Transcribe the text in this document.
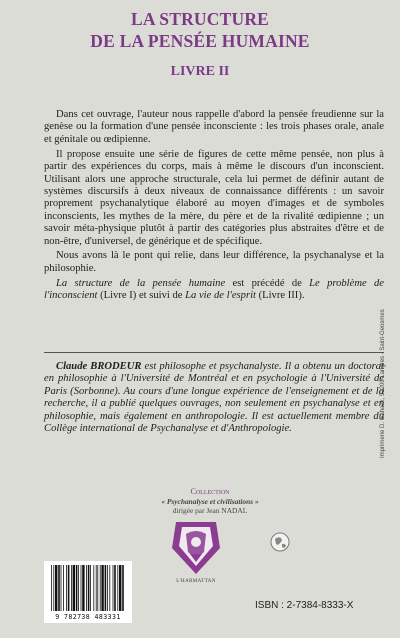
LA STRUCTURE
DE LA PENSÉE HUMAINE
LIVRE II

Dans cet ouvrage, l'auteur nous rappelle d'abord la pensée freudienne sur la genèse ou la formation d'une pensée inconsciente : les trois phases orale, anale et génitale ou œdipienne.

Il propose ensuite une série de figures de cette même pensée, non plus à partir des expériences du corps, mais à même le discours d'un inconscient. Utilisant alors une approche structurale, cela lui permet de définir autant de systèmes discursifs à deux niveaux de connaissance différents : un savoir proprement psychanalytique élaboré au moyen d'images et de symboles inconscients, les mythes de la mère, du père et de la rivalité œdipienne ; un savoir méta-physique plutôt à partir des catégories plus abstraites d'être et de non-être, d'universel, de générique et de spécifique.

Nous avons là le pont qui relie, dans leur différence, la psychanalyse et la philosophie.

La structure de la pensée humaine est précédé de Le problème de l'inconscient (Livre I) et suivi de La vie de l'esprit (Livre III).

Claude BRODEUR est philosophe et psychanalyste. Il a obtenu un doctorat en philosophie à l'Université de Montréal et en psychologie à l'Université de Paris (Sorbonne). Au cours d'une longue expérience de l'enseignement et de la recherche, il a publié quelques ouvrages, non seulement en psychanalyse et en philosophie, mais également en anthropologie. Il est actuellement membre du Collège international de Psychanalyse et d'Anthropologie.

Collection
« Psychanalyse et civilisations »
dirigée par Jean NADAL
L'HARMATTAN
9 782738 483331
ISBN : 2-7384-8333-X
Imprimerie D. Gahaux, 52200 Langres - Saint-Geosmes
